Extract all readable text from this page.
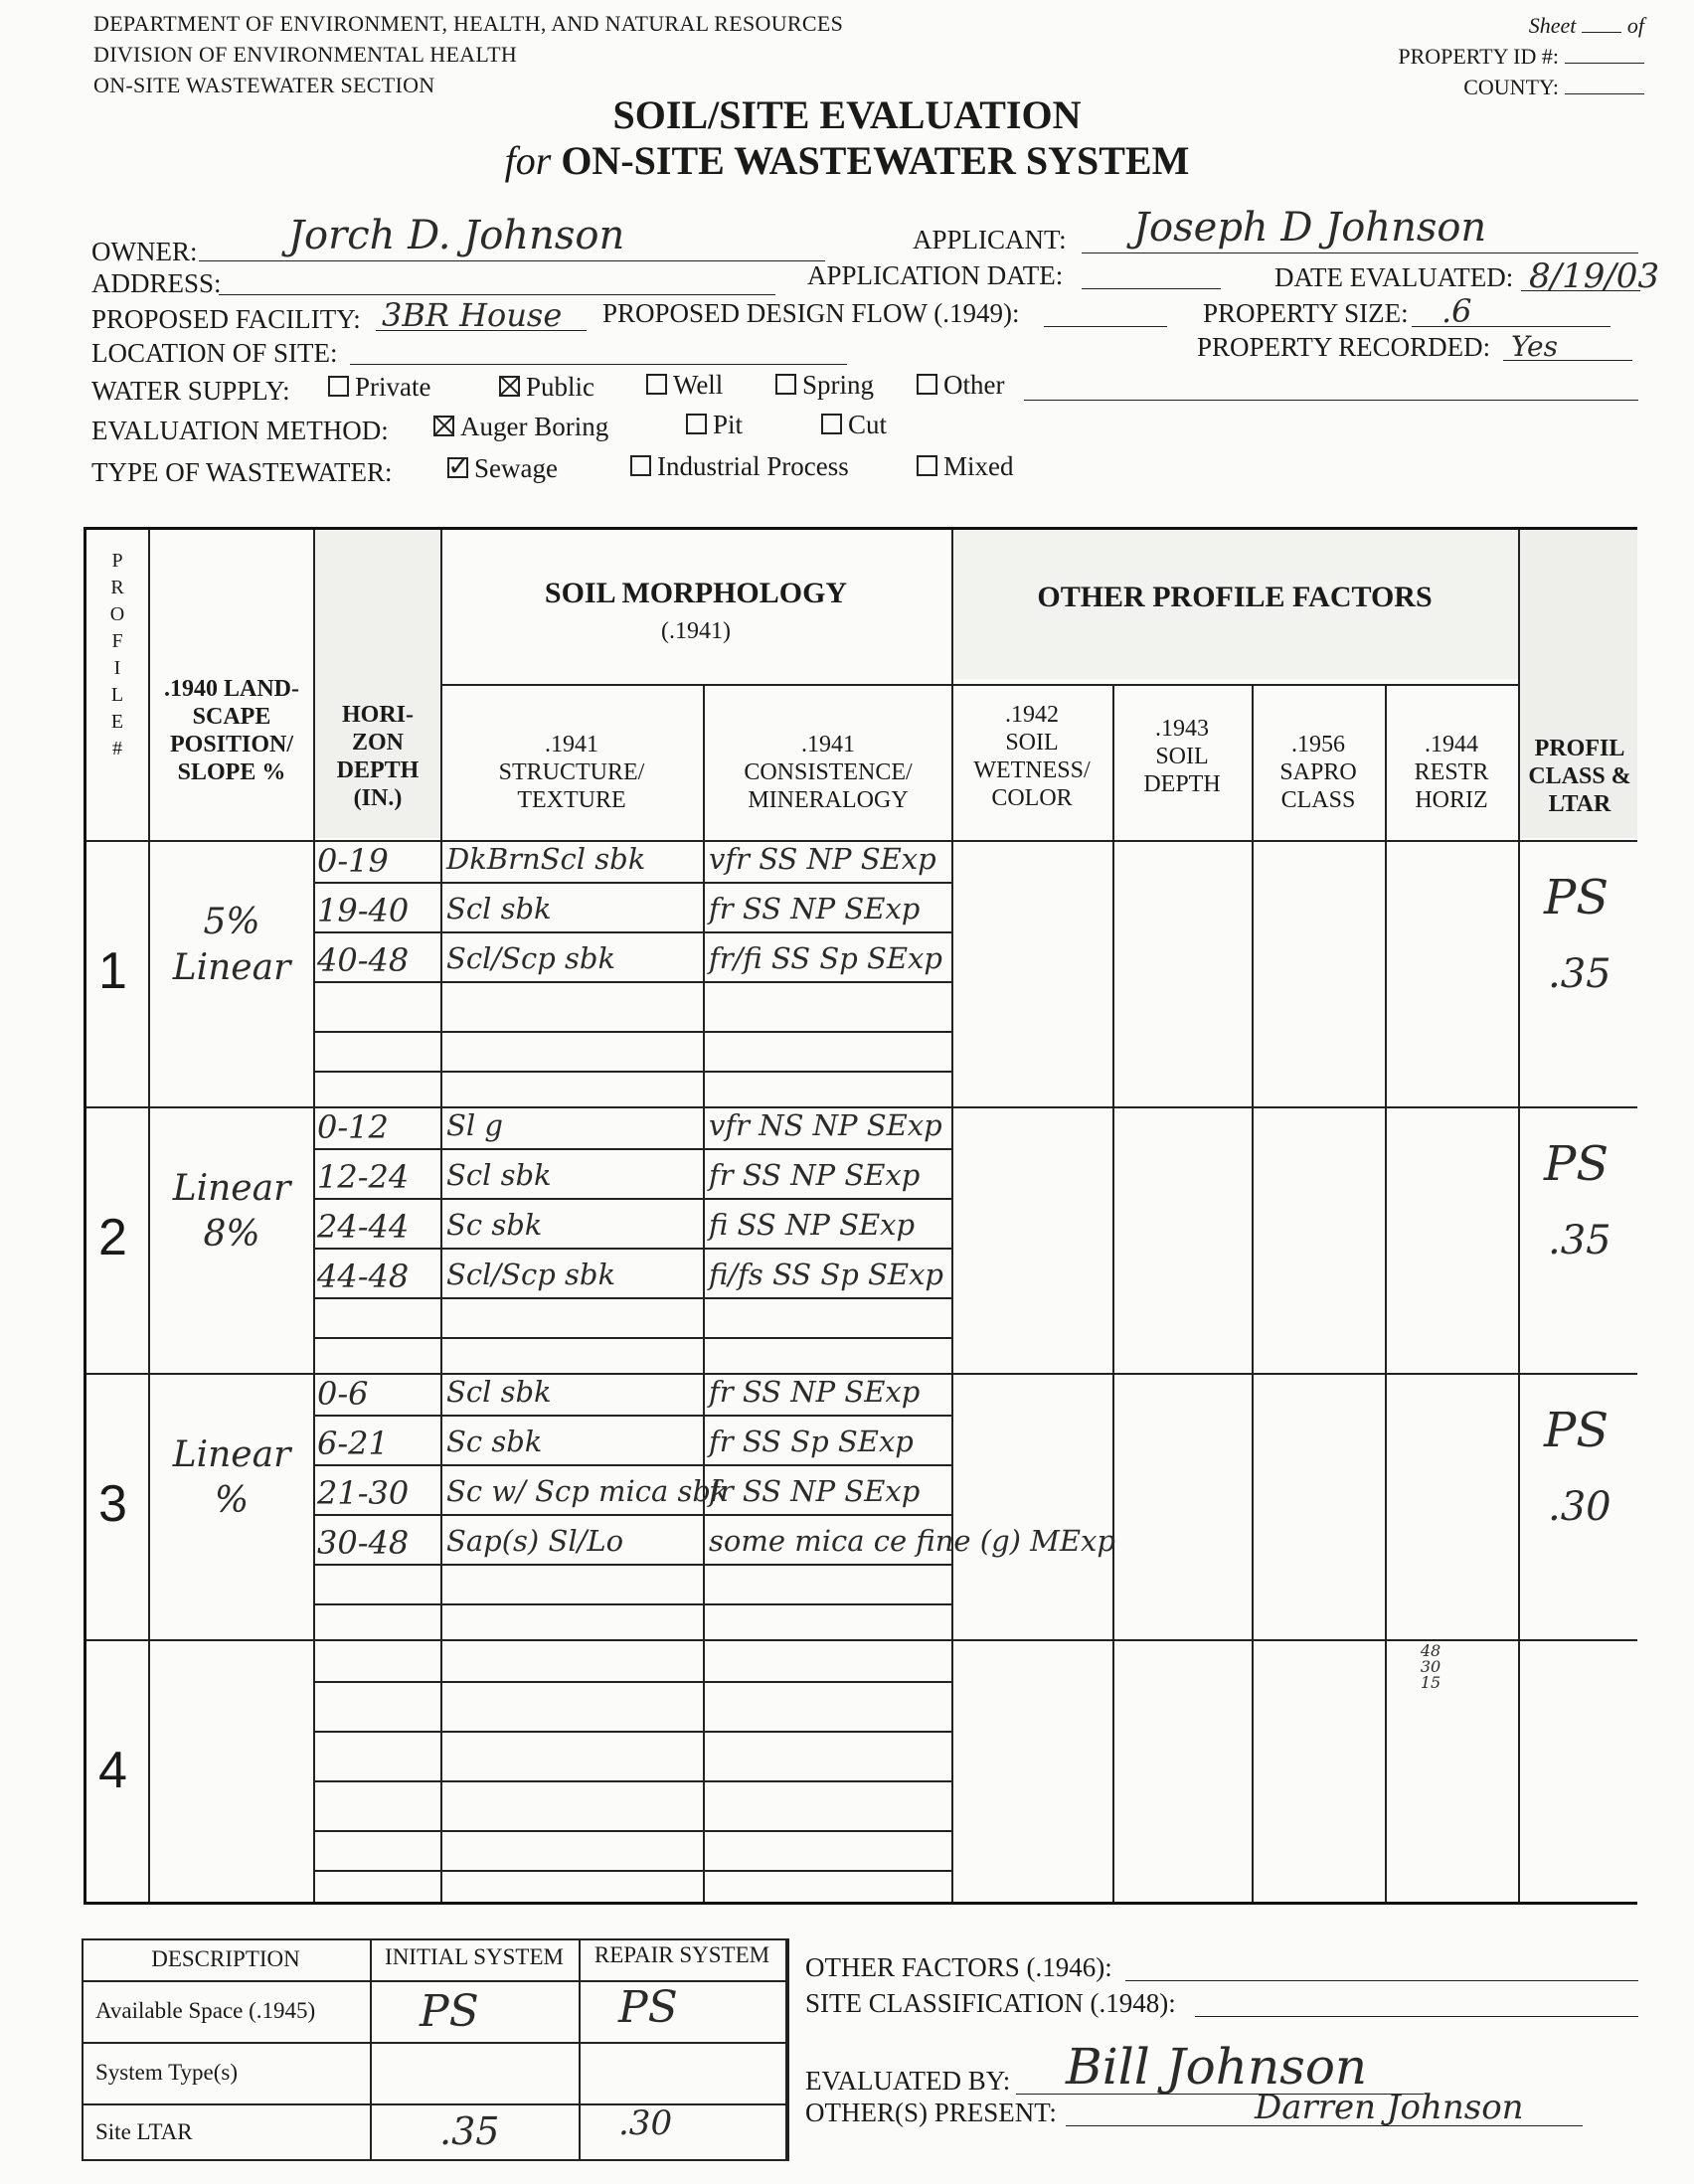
DEPARTMENT OF ENVIRONMENT, HEALTH, AND NATURAL RESOURCES
DIVISION OF ENVIRONMENTAL HEALTH
ON-SITE WASTEWATER SECTION
Sheet of
PROPERTY ID #:
COUNTY:
SOIL/SITE EVALUATION
for ON-SITE WASTEWATER SYSTEM
OWNER: Jorch D. Johnson	APPLICANT: Joseph D Johnson
ADDRESS:	APPLICATION DATE:	DATE EVALUATED: 8/19/03
PROPOSED FACILITY: 3BR House PROPOSED DESIGN FLOW (.1949):	PROPERTY SIZE: .6
LOCATION OF SITE:	PROPERTY RECORDED: Yes
WATER SUPPLY:	Private	Public	Well	Spring	Other
EVALUATION METHOD:	Auger Boring	Pit	Cut
TYPE OF WASTEWATER:
✓	Sewage	Industrial Process	Mixed
P
R
O
F
I
L
E
#
.1940 LAND-SCAPE POSITION/ SLOPE %
HORI-ZON DEPTH (IN.)
SOIL MORPHOLOGY
(.1941)
.1941
STRUCTURE/ TEXTURE
.1941
CONSISTENCE/ MINERALOGY
OTHER PROFILE FACTORS
.1942
SOIL WETNESS/ COLOR
.1943
SOIL DEPTH
.1956
SAPRO CLASS
.1944
RESTR HORIZ
PROFIL CLASS & LTAR
1
5% Linear
0-19	DkBrnScl sbk	vfr SS NP SExp
19-40	Scl sbk	fr SS NP SExp
40-48	Scl/Scp sbk	fr/fi SS Sp SExp
PS
.35
2
Linear 8%
0-12	Sl g	vfr NS NP SExp
12-24	Scl sbk	fr SS NP SExp
24-44	Sc sbk	fi SS NP SExp
44-48	Scl/Scp sbk	fi/fs SS Sp SExp
PS
.35
3
Linear %
0-6	Scl sbk	fr SS NP SExp
6-21	Sc sbk	fr SS Sp SExp
21-30	Sc w/ Scp mica sbk
fr SS NP SExp
30-48	Sap(s) Sl/Lo	some mica ce fine (g) MExp
PS
.30
4
48 30 15
DESCRIPTION	INITIAL SYSTEM	REPAIR SYSTEM
Available Space (.1945) PS	PS
System Type(s)
Site LTAR	.35	.30
OTHER FACTORS (.1946):
SITE CLASSIFICATION (.1948):
EVALUATED BY: Bill Johnson
OTHER(S) PRESENT:	Darren Johnson
